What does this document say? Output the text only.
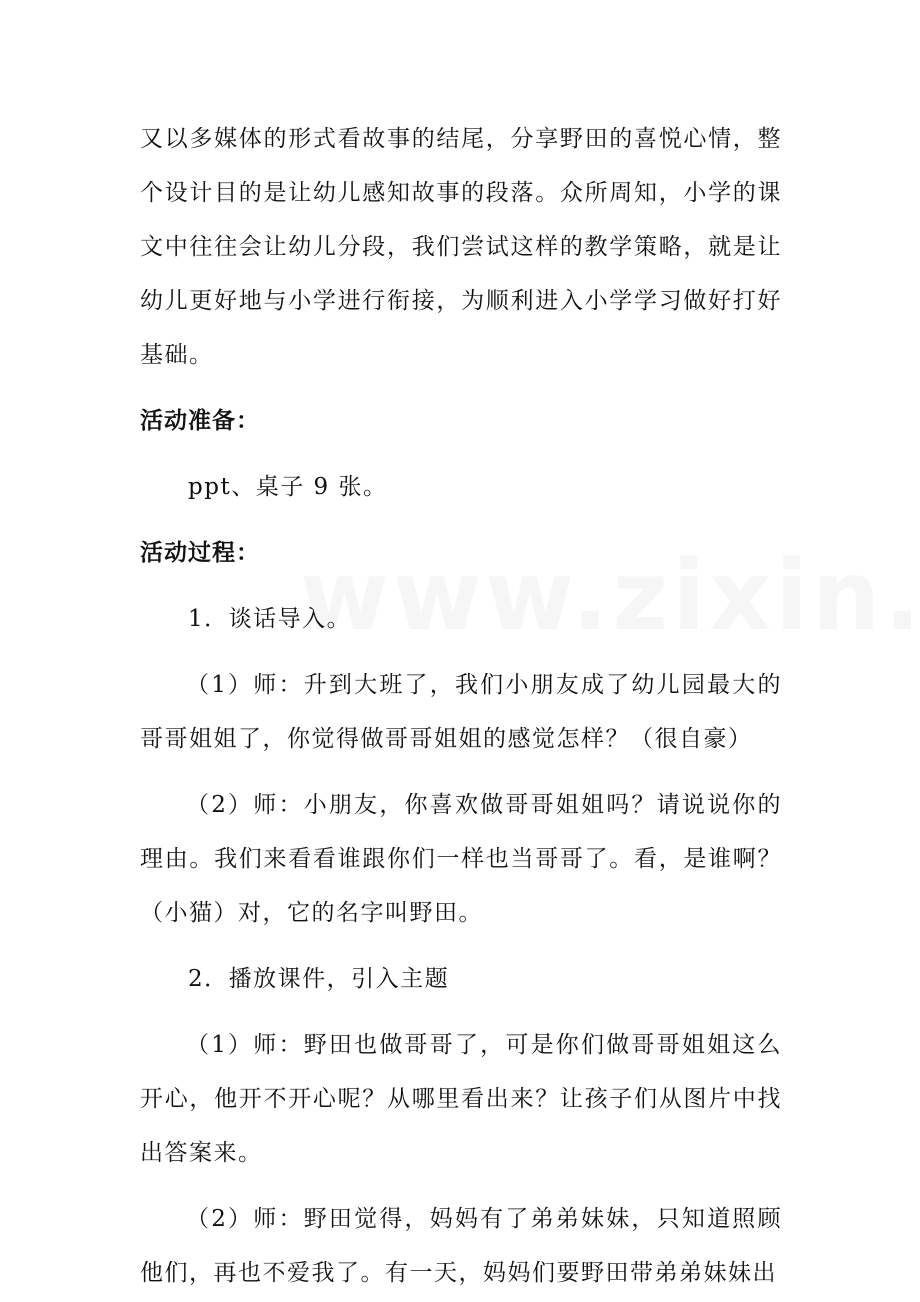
又以多媒体的形式看故事的结尾，分享野田的喜悦心情，整个设计目的是让幼儿感知故事的段落。众所周知，小学的课文中往往会让幼儿分段，我们尝试这样的教学策略，就是让幼儿更好地与小学进行衔接，为顺利进入小学学习做好打好基础。

活动准备：

ppt、桌子 9 张。

活动过程：

1．谈话导入。

（1）师：升到大班了，我们小朋友成了幼儿园最大的哥哥姐姐了，你觉得做哥哥姐姐的感觉怎样？（很自豪）

（2）师：小朋友，你喜欢做哥哥姐姐吗？请说说你的理由。我们来看看谁跟你们一样也当哥哥了。看，是谁啊？（小猫）对，它的名字叫野田。

2．播放课件，引入主题

（1）师：野田也做哥哥了，可是你们做哥哥姐姐这么开心，他开不开心呢？从哪里看出来？让孩子们从图片中找出答案来。

（2）师：野田觉得，妈妈有了弟弟妹妹，只知道照顾他们，再也不爱我了。有一天，妈妈们要野田带弟弟妹妹出
